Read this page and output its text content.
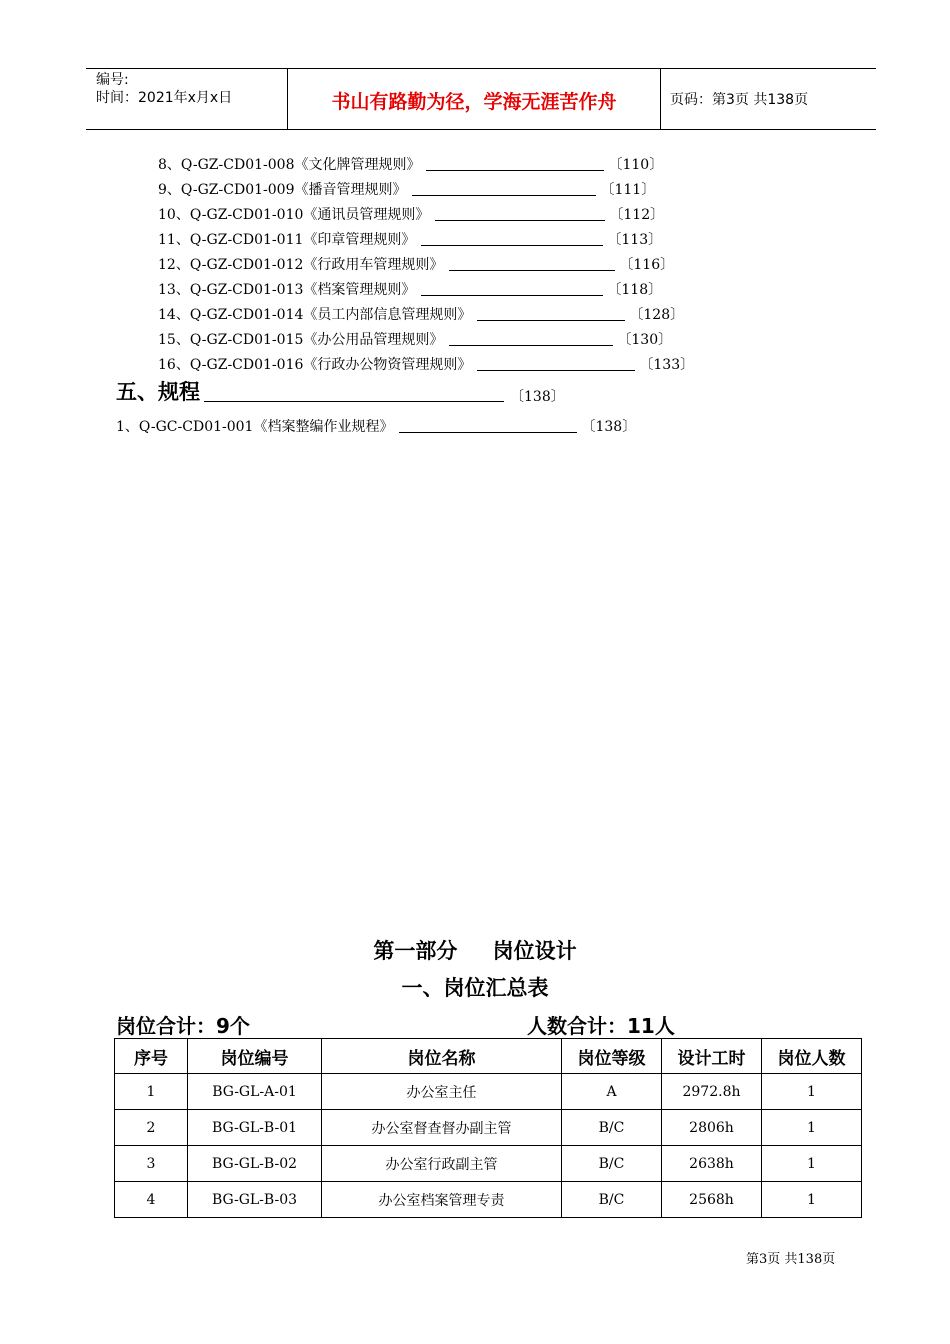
编号:
时间：2021年x月x日	书山有路勤为径，学海无涯苦作舟	页码：第3页 共138页
8、Q-GZ-CD01-008《文化牌管理规则》	〔110〕
9、Q-GZ-CD01-009《播音管理规则》	〔111〕
10、Q-GZ-CD01-010《通讯员管理规则》	〔112〕
11、Q-GZ-CD01-011《印章管理规则》	〔113〕
12、Q-GZ-CD01-012《行政用车管理规则》	〔116〕
13、Q-GZ-CD01-013《档案管理规则》	〔118〕
14、Q-GZ-CD01-014《员工内部信息管理规则》	〔128〕
15、Q-GZ-CD01-015《办公用品管理规则》	〔130〕
16、Q-GZ-CD01-016《行政办公物资管理规则》	〔133〕
五、规程	〔138〕
1、Q-GC-CD01-001《档案整编作业规程》	〔138〕
第一部分 岗位设计
一、岗位汇总表
岗位合计：9个	人数合计：11人
序号	岗位编号	岗位名称	岗位等级	设计工时	岗位人数
1	BG-GL-A-01	办公室主任	A	2972.8h	1
2	BG-GL-B-01	办公室督查督办副主管	B/C	2806h	1
3	BG-GL-B-02	办公室行政副主管	B/C	2638h	1
4	BG-GL-B-03	办公室档案管理专责	B/C	2568h	1
第3页 共138页
